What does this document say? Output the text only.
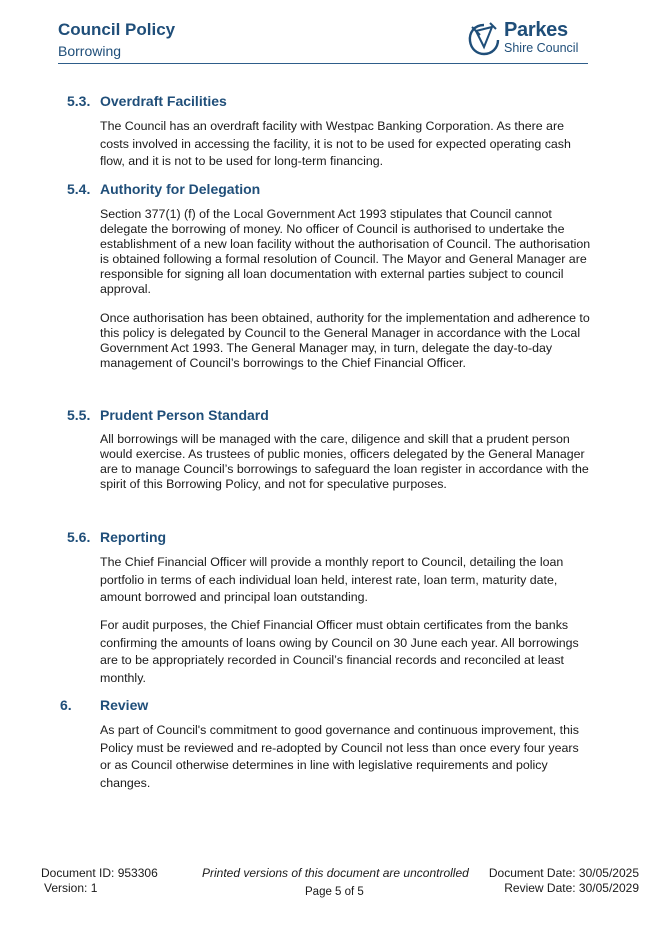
Council Policy
Borrowing
Parkes
Shire Council
5.3. Overdraft Facilities

The Council has an overdraft facility with Westpac Banking Corporation. As there are costs involved in accessing the facility, it is not to be used for expected operating cash flow, and it is not to be used for long-term financing.

5.4. Authority for Delegation

Section 377(1) (f) of the Local Government Act 1993 stipulates that Council cannot delegate the borrowing of money. No officer of Council is authorised to undertake the establishment of a new loan facility without the authorisation of Council. The authorisation is obtained following a formal resolution of Council. The Mayor and General Manager are responsible for signing all loan documentation with external parties subject to council approval.

Once authorisation has been obtained, authority for the implementation and adherence to this policy is delegated by Council to the General Manager in accordance with the Local Government Act 1993. The General Manager may, in turn, delegate the day-to-day management of Council’s borrowings to the Chief Financial Officer.

5.5. Prudent Person Standard

All borrowings will be managed with the care, diligence and skill that a prudent person would exercise. As trustees of public monies, officers delegated by the General Manager are to manage Council’s borrowings to safeguard the loan register in accordance with the spirit of this Borrowing Policy, and not for speculative purposes.

5.6. Reporting

The Chief Financial Officer will provide a monthly report to Council, detailing the loan portfolio in terms of each individual loan held, interest rate, loan term, maturity date, amount borrowed and principal loan outstanding.

For audit purposes, the Chief Financial Officer must obtain certificates from the banks confirming the amounts of loans owing by Council on 30 June each year. All borrowings are to be appropriately recorded in Council’s financial records and reconciled at least monthly.

6. Review

As part of Council's commitment to good governance and continuous improvement, this Policy must be reviewed and re-adopted by Council not less than once every four years or as Council otherwise determines in line with legislative requirements and policy changes.

Document ID: 953306
Version: 1
Printed versions of this document are uncontrolled
Page 5 of 5
Document Date: 30/05/2025
Review Date: 30/05/2029
